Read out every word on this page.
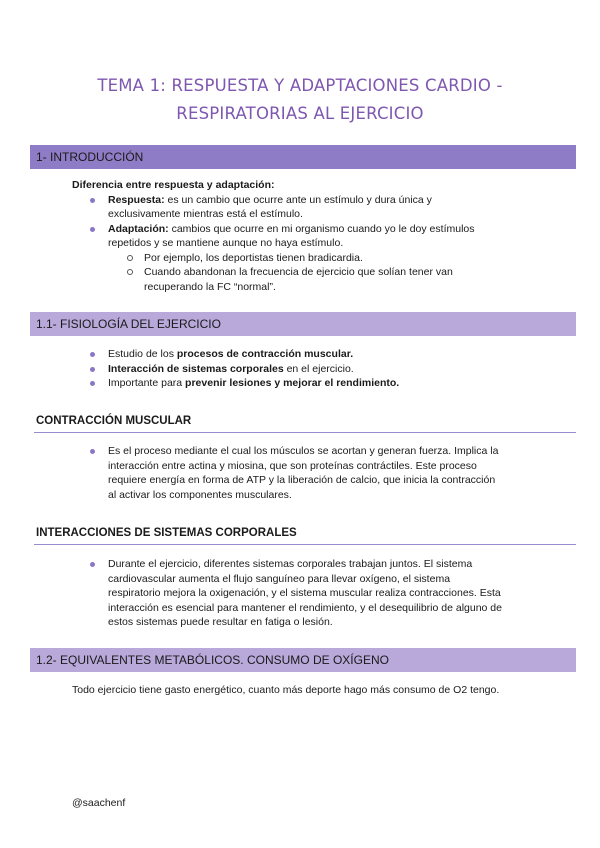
TEMA 1: RESPUESTA Y ADAPTACIONES CARDIO -
RESPIRATORIAS AL EJERCICIO
1- INTRODUCCIÓN
Diferencia entre respuesta y adaptación:
Respuesta: es un cambio que ocurre ante un estímulo y dura única y
exclusivamente mientras está el estímulo.
Adaptación: cambios que ocurre en mi organismo cuando yo le doy estímulos
repetidos y se mantiene aunque no haya estímulo.
Por ejemplo, los deportistas tienen bradicardia.
Cuando abandonan la frecuencia de ejercicio que solían tener van
recuperando la FC “normal”.
1.1- FISIOLOGÍA DEL EJERCICIO
Estudio de los procesos de contracción muscular.
Interacción de sistemas corporales en el ejercicio.
Importante para prevenir lesiones y mejorar el rendimiento.
CONTRACCIÓN MUSCULAR
Es el proceso mediante el cual los músculos se acortan y generan fuerza. Implica la
interacción entre actina y miosina, que son proteínas contráctiles. Este proceso
requiere energía en forma de ATP y la liberación de calcio, que inicia la contracción
al activar los componentes musculares.
INTERACCIONES DE SISTEMAS CORPORALES
Durante el ejercicio, diferentes sistemas corporales trabajan juntos. El sistema
cardiovascular aumenta el flujo sanguíneo para llevar oxígeno, el sistema
respiratorio mejora la oxigenación, y el sistema muscular realiza contracciones. Esta
interacción es esencial para mantener el rendimiento, y el desequilibrio de alguno de
estos sistemas puede resultar en fatiga o lesión.
1.2- EQUIVALENTES METABÓLICOS. CONSUMO DE OXÍGENO
Todo ejercicio tiene gasto energético, cuanto más deporte hago más consumo de O2 tengo.
@saachenf
